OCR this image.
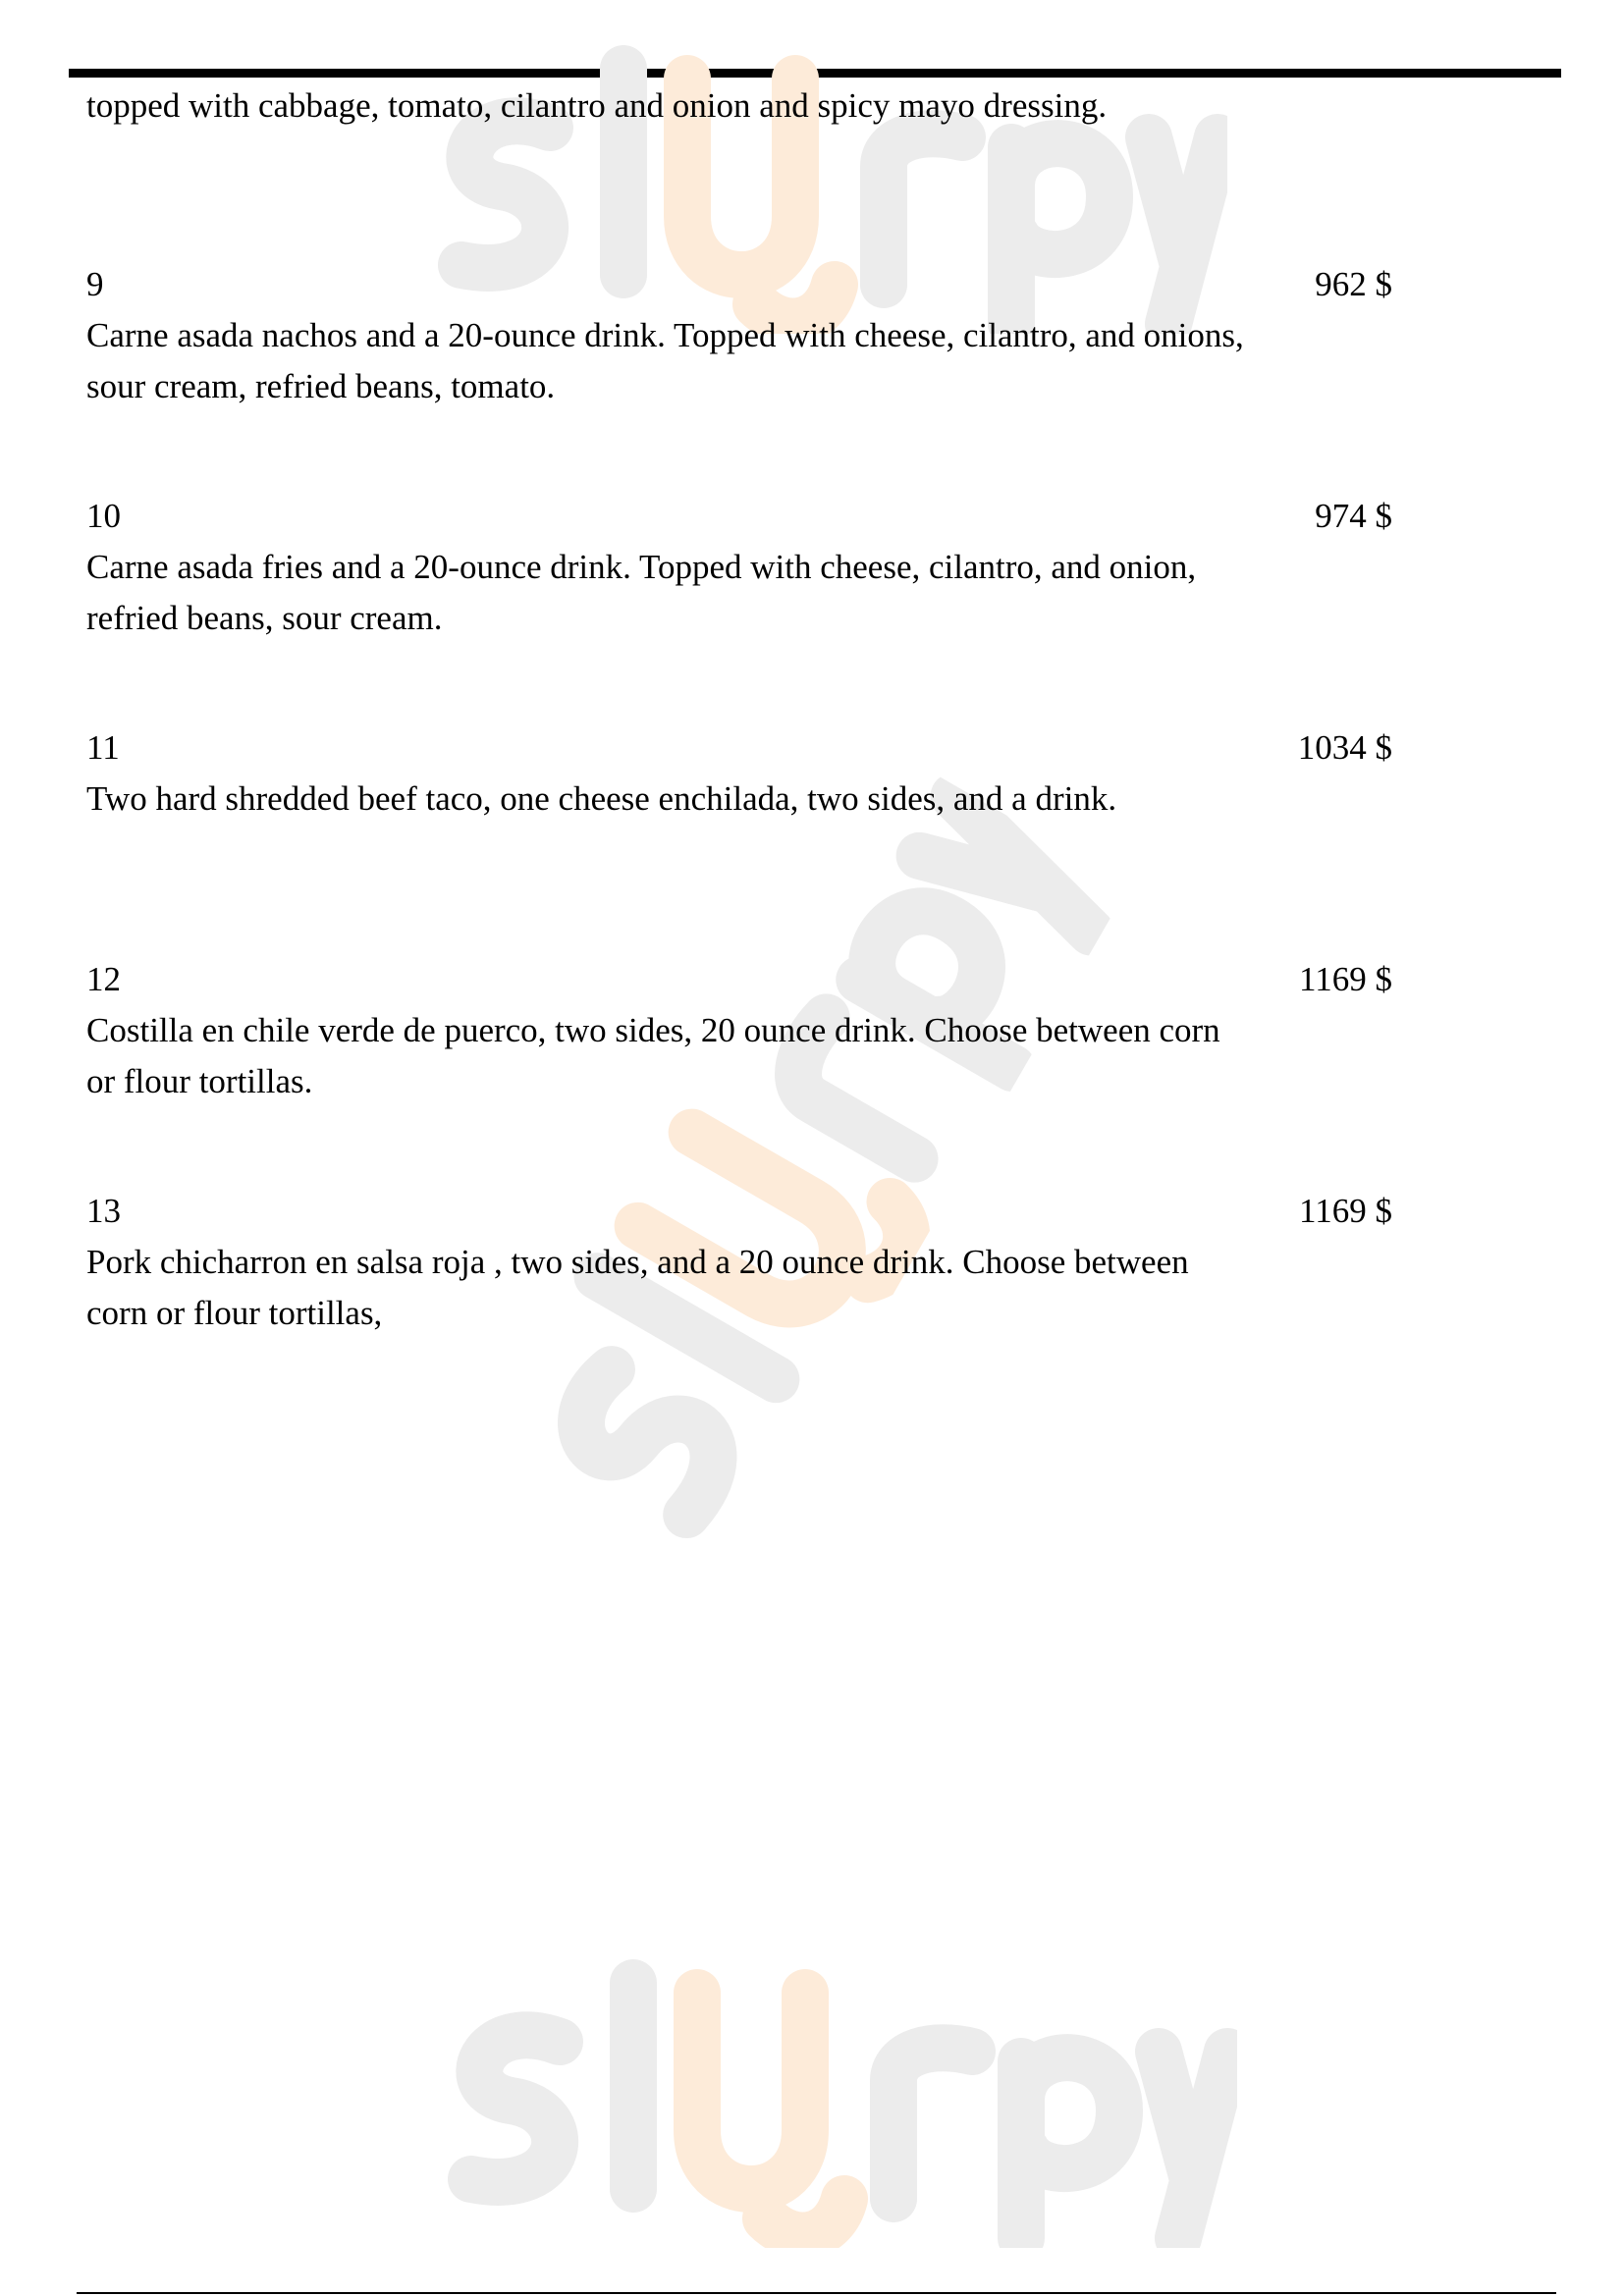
topped with cabbage, tomato, cilantro and onion and spicy mayo dressing.

9	962 $
Carne asada nachos and a 20-ounce drink. Topped with cheese, cilantro, and onions, sour cream, refried beans, tomato.
10	974 $
Carne asada fries and a 20-ounce drink. Topped with cheese, cilantro, and onion, refried beans, sour cream.
11	1034 $
Two hard shredded beef taco, one cheese enchilada, two sides, and a drink.
12	1169 $
Costilla en chile verde de puerco, two sides, 20 ounce drink. Choose between corn or flour tortillas.
13	1169 $
Pork chicharron en salsa roja , two sides, and a 20 ounce drink. Choose between corn or flour tortillas,
